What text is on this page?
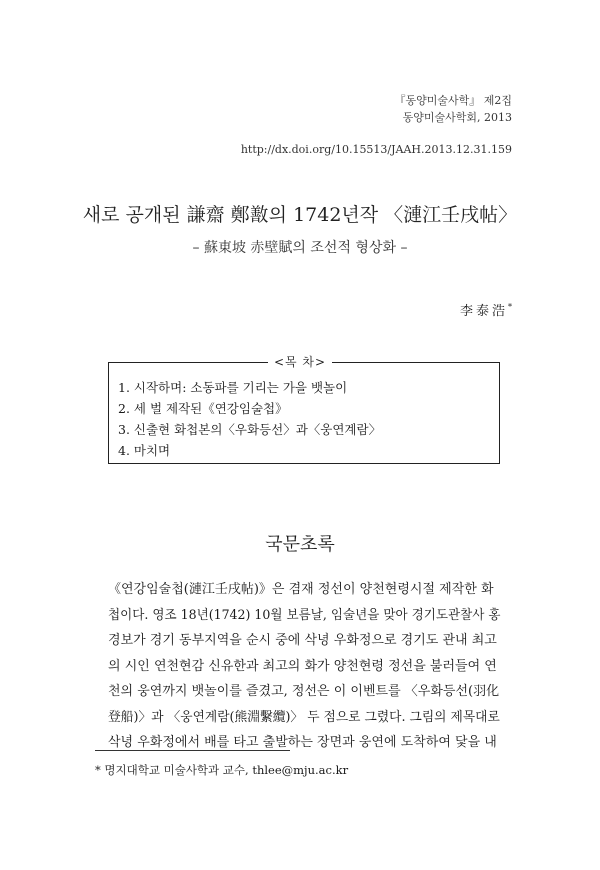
『동양미술사학』 제2집
동양미술사학회, 2013
http://dx.doi.org/10.15513/JAAH.2013.12.31.159
새로 공개된 謙齋 鄭敾의 1742년작 〈漣江壬戌帖〉
– 蘇東坡 赤壁賦의 조선적 형상화 –
李泰浩*
<목 차>
1. 시작하며: 소동파를 기리는 가을 뱃놀이
2. 세 벌 제작된《연강임술첩》
3. 신출현 화첩본의〈우화등선〉과〈웅연계람〉
4. 마치며
국문초록
《연강임술첩(漣江壬戌帖)》은 겸재 정선이 양천현령시절 제작한 화
첩이다. 영조 18년(1742) 10월 보름날, 임술년을 맞아 경기도관찰사 홍
경보가 경기 동부지역을 순시 중에 삭녕 우화정으로 경기도 관내 최고
의 시인 연천현감 신유한과 최고의 화가 양천현령 정선을 불러들여 연
천의 웅연까지 뱃놀이를 즐겼고, 정선은 이 이벤트를 〈우화등선(羽化
登船)〉과 〈웅연계람(熊淵繫纜)〉 두 점으로 그렸다. 그림의 제목대로
삭녕 우화정에서 배를 타고 출발하는 장면과 웅연에 도착하여 닻을 내
* 명지대학교 미술사학과 교수, thlee@mju.ac.kr
